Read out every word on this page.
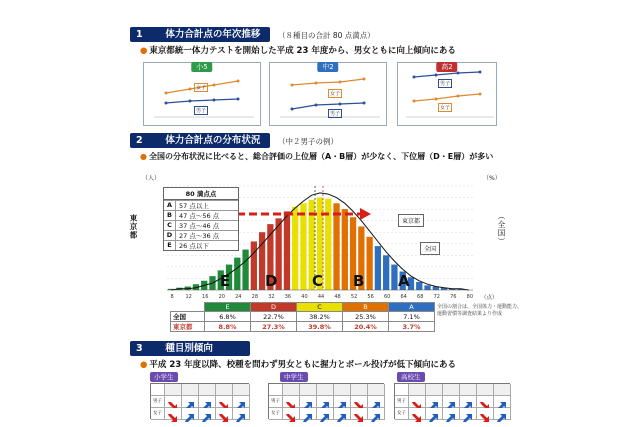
1 体力合計点の年次推移	（８種目の合計 80 点満点）
● 東京都統一体力テストを開始した平成 23 年度から、男女ともに向上傾向にある
小5
女子
男子
中2
女子
男子
高2
男子
女子
2 体力合計点の分布状況	（中２男子の例）
● 全国の分布状況に比べると、総合評価の上位層（A・B層）が少なく、下位層（D・E層）が多い
（人）	（%）
東京都	（全国）
8 12 16 20 24 28 32 36 40 44 48 52 56 60 64 68 72 76 80
東京都
全国
（点）
80 満点点
A	57 点以上
B	47 点〜56 点
C	37 点〜46 点
D	27 点〜36 点
E	26 点以下
E D C B A
	E	D	C	B	A
全国	6.8%	22.7%	38.2%	25.3%	7.1%
東京都	8.8%	27.3%	39.8%	20.4%	3.7%
全国の割合は、全国体力・運動能力、
運動習慣等調査結果より作成
3 種目別傾向
● 平成 23 年度以降、校種を問わず男女ともに握力とボール投げが低下傾向にある
小学生	中学生	高校生
男子
女子
男子
女子
男子
女子
